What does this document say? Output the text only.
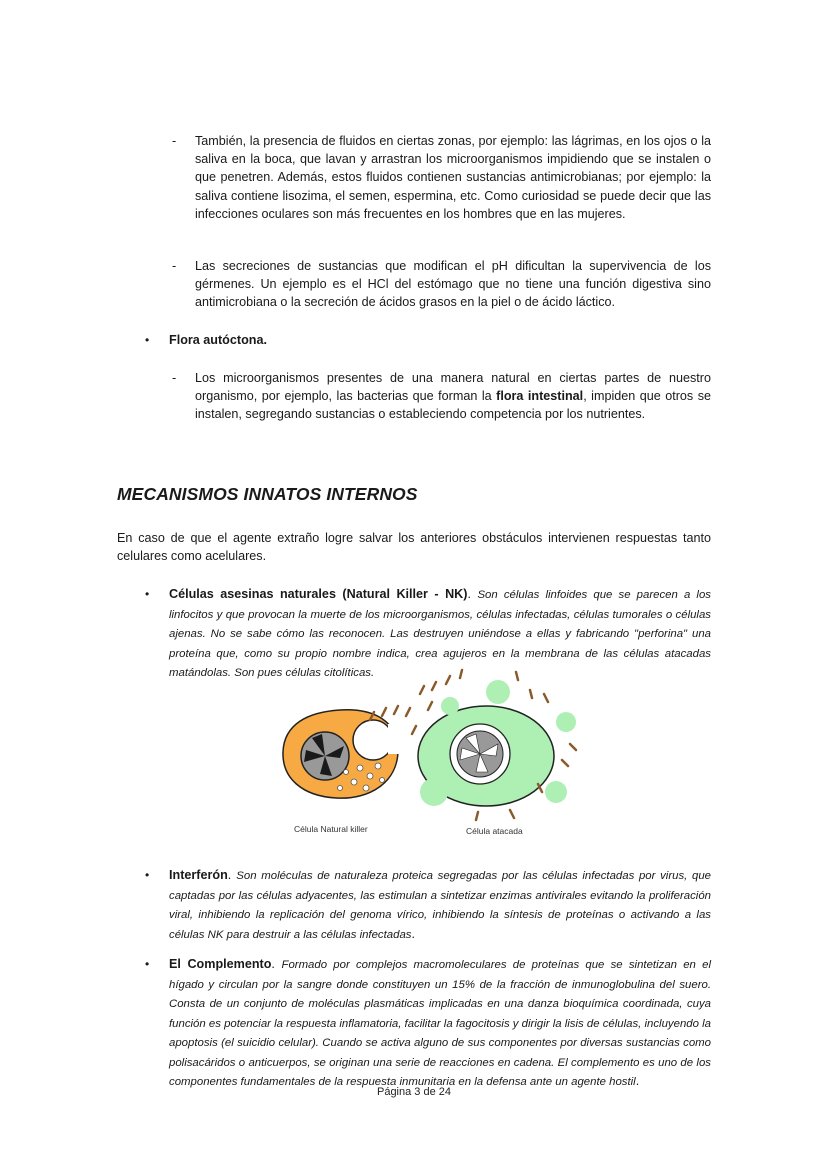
- También, la presencia de fluidos en ciertas zonas, por ejemplo: las lágrimas, en los ojos o la saliva en la boca, que lavan y arrastran los microorganismos impidiendo que se instalen o que penetren. Además, estos fluidos contienen sustancias antimicrobianas; por ejemplo: la saliva contiene lisozima, el semen, espermina, etc. Como curiosidad se puede decir que las infecciones oculares son más frecuentes en los hombres que en las mujeres.
- Las secreciones de sustancias que modifican el pH dificultan la supervivencia de los gérmenes. Un ejemplo es el HCl del estómago que no tiene una función digestiva sino antimicrobiana o la secreción de ácidos grasos en la piel o de ácido láctico.
• Flora autóctona.
- Los microorganismos presentes de una manera natural en ciertas partes de nuestro organismo, por ejemplo, las bacterias que forman la flora intestinal, impiden que otros se instalen, segregando sustancias o estableciendo competencia por los nutrientes.
MECANISMOS INNATOS INTERNOS
En caso de que el agente extraño logre salvar los anteriores obstáculos intervienen respuestas tanto celulares como acelulares.
• Células asesinas naturales (Natural Killer - NK). Son células linfoides que se parecen a los linfocitos y que provocan la muerte de los microorganismos, células infectadas, células tumorales o células ajenas. No se sabe cómo las reconocen. Las destruyen uniéndose a ellas y fabricando "perforina" una proteína que, como su propio nombre indica, crea agujeros en la membrana de las células atacadas matándolas. Son pues células citolíticas.
Célula Natural killer	Célula atacada
• Interferón. Son moléculas de naturaleza proteica segregadas por las células infectadas por virus, que captadas por las células adyacentes, las estimulan a sintetizar enzimas antivirales evitando la proliferación viral, inhibiendo la replicación del genoma vírico, inhibiendo la síntesis de proteínas o activando a las células NK para destruir a las células infectadas.
• El Complemento. Formado por complejos macromoleculares de proteínas que se sintetizan en el hígado y circulan por la sangre donde constituyen un 15% de la fracción de inmunoglobulina del suero. Consta de un conjunto de moléculas plasmáticas implicadas en una danza bioquímica coordinada, cuya función es potenciar la respuesta inflamatoria, facilitar la fagocitosis y dirigir la lisis de células, incluyendo la apoptosis (el suicidio celular). Cuando se activa alguno de sus componentes por diversas sustancias como polisacáridos o anticuerpos, se originan una serie de reacciones en cadena. El complemento es uno de los componentes fundamentales de la respuesta inmunitaria en la defensa ante un agente hostil.
Página 3 de 24
